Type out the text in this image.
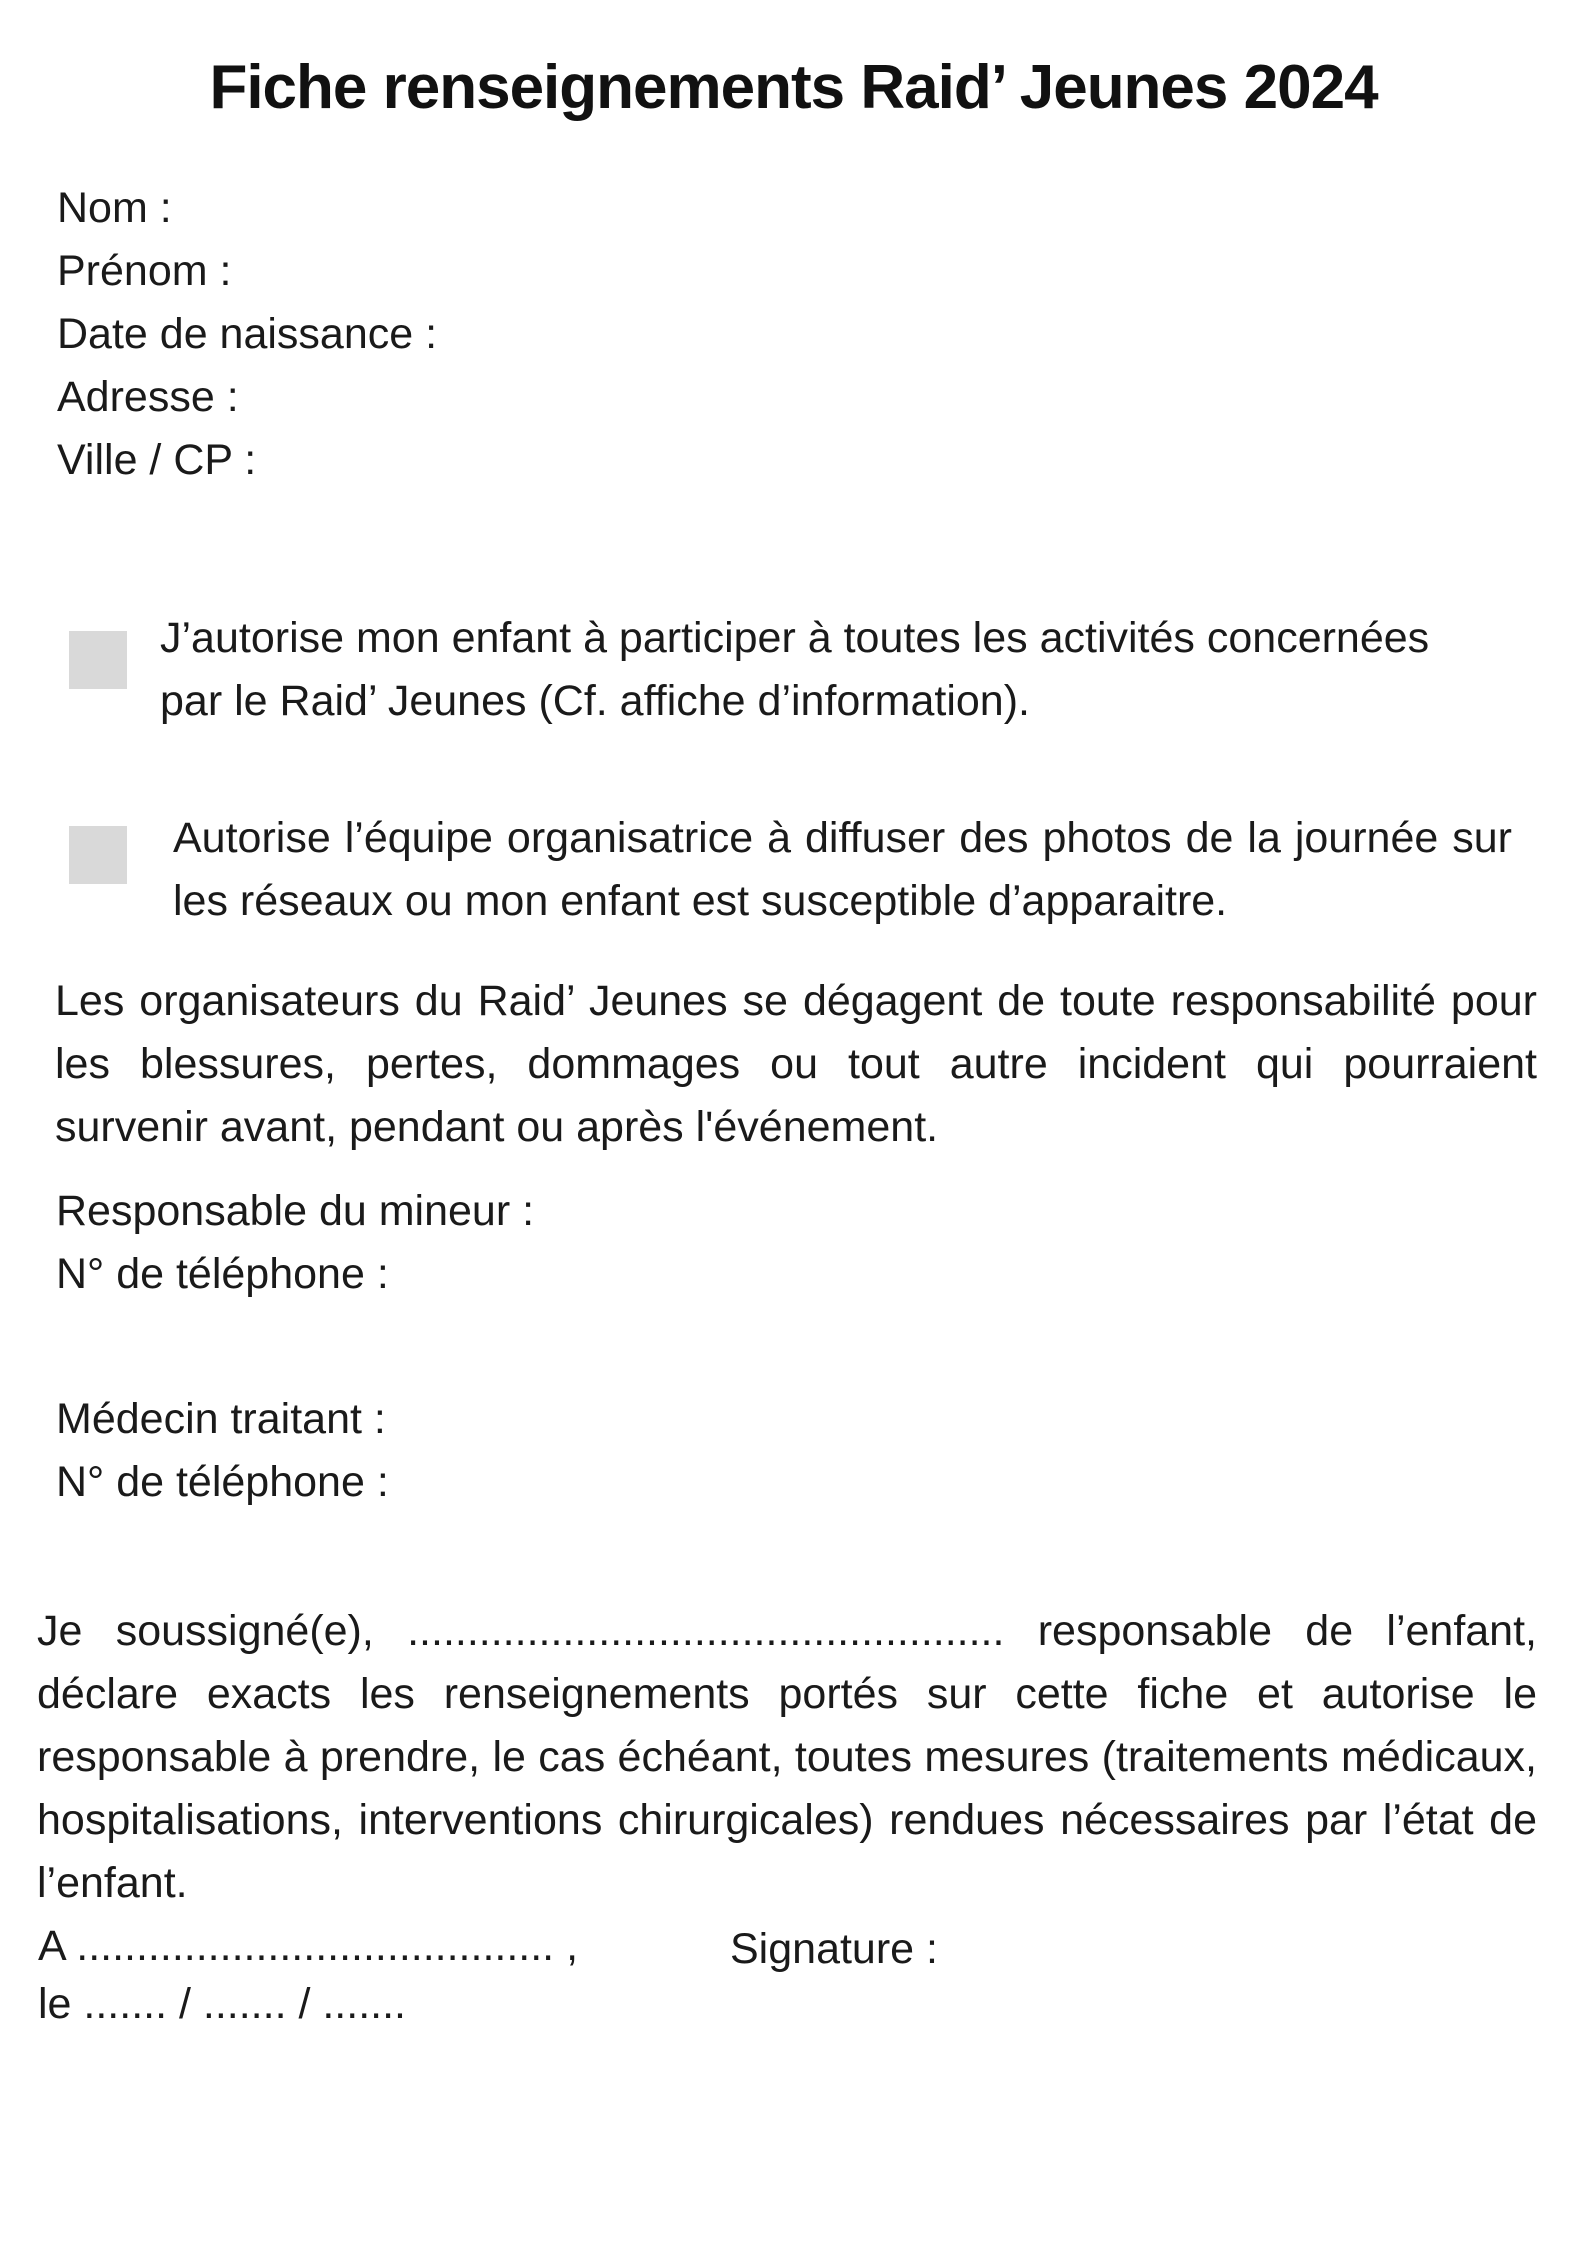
Fiche renseignements Raid’ Jeunes 2024
Nom :
Prénom :
Date de naissance :
Adresse :
Ville / CP :

J’autorise mon enfant à participer à toutes les activités concernées par le Raid’ Jeunes (Cf. affiche d’information).

Autorise l’équipe organisatrice à diffuser des photos de la journée sur les réseaux ou mon enfant est susceptible d’apparaitre.

Les organisateurs du Raid’ Jeunes se dégagent de toute responsabilité pour les blessures, pertes, dommages ou tout autre incident qui pourraient survenir avant, pendant ou après l'événement.

Responsable du mineur :
N° de téléphone :
Médecin traitant :
N° de téléphone :

Je soussigné(e), .................................................. responsable de l’enfant, déclare exacts les renseignements portés sur cette fiche et autorise le responsable à prendre, le cas échéant, toutes mesures (traitements médicaux, hospitalisations, interventions chirurgicales) rendues nécessaires par l’état de l’enfant.

A ........................................ ,	Signature :
le ....... / ....... / .......
